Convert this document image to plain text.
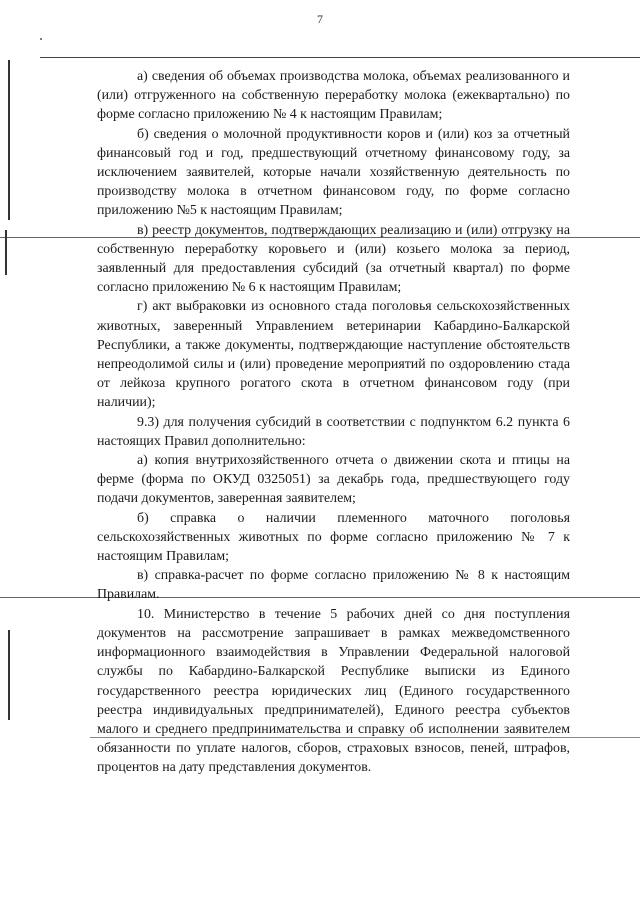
7

а) сведения об объемах производства молока, объемах реализованного и (или) отгруженного на собственную переработку молока (ежеквартально) по форме согласно приложению № 4 к настоящим Правилам;

б) сведения о молочной продуктивности коров и (или) коз за отчетный финансовый год и год, предшествующий отчетному финансовому году, за исключением заявителей, которые начали хозяйственную деятельность по производству молока в отчетном финансовом году, по форме согласно приложению №5 к настоящим Правилам;

в) реестр документов, подтверждающих реализацию и (или) отгрузку на собственную переработку коровьего и (или) козьего молока за период, заявленный для предоставления субсидий (за отчетный квартал) по форме согласно приложению № 6 к настоящим Правилам;

г) акт выбраковки из основного стада поголовья сельскохозяйственных животных, заверенный Управлением ветеринарии Кабардино-Балкарской Республики, а также документы, подтверждающие наступление обстоятельств непреодолимой силы и (или) проведение мероприятий по оздоровлению стада от лейкоза крупного рогатого скота в отчетном финансовом году (при наличии);

9.3) для получения субсидий в соответствии с подпунктом 6.2 пункта 6 настоящих Правил дополнительно:

а) копия внутрихозяйственного отчета о движении скота и птицы на ферме (форма по ОКУД 0325051) за декабрь года, предшествующего году подачи документов, заверенная заявителем;

б) справка о наличии племенного маточного поголовья сельскохозяйственных животных по форме согласно приложению № 7 к настоящим Правилам;

в) справка-расчет по форме согласно приложению № 8 к настоящим Правилам.

10. Министерство в течение 5 рабочих дней со дня поступления документов на рассмотрение запрашивает в рамках межведомственного информационного взаимодействия в Управлении Федеральной налоговой службы по Кабардино-Балкарской Республике выписки из Единого государственного реестра юридических лиц (Единого государственного реестра индивидуальных предпринимателей), Единого реестра субъектов малого и среднего предпринимательства и справку об исполнении заявителем обязанности по уплате налогов, сборов, страховых взносов, пеней, штрафов, процентов на дату представления документов.
